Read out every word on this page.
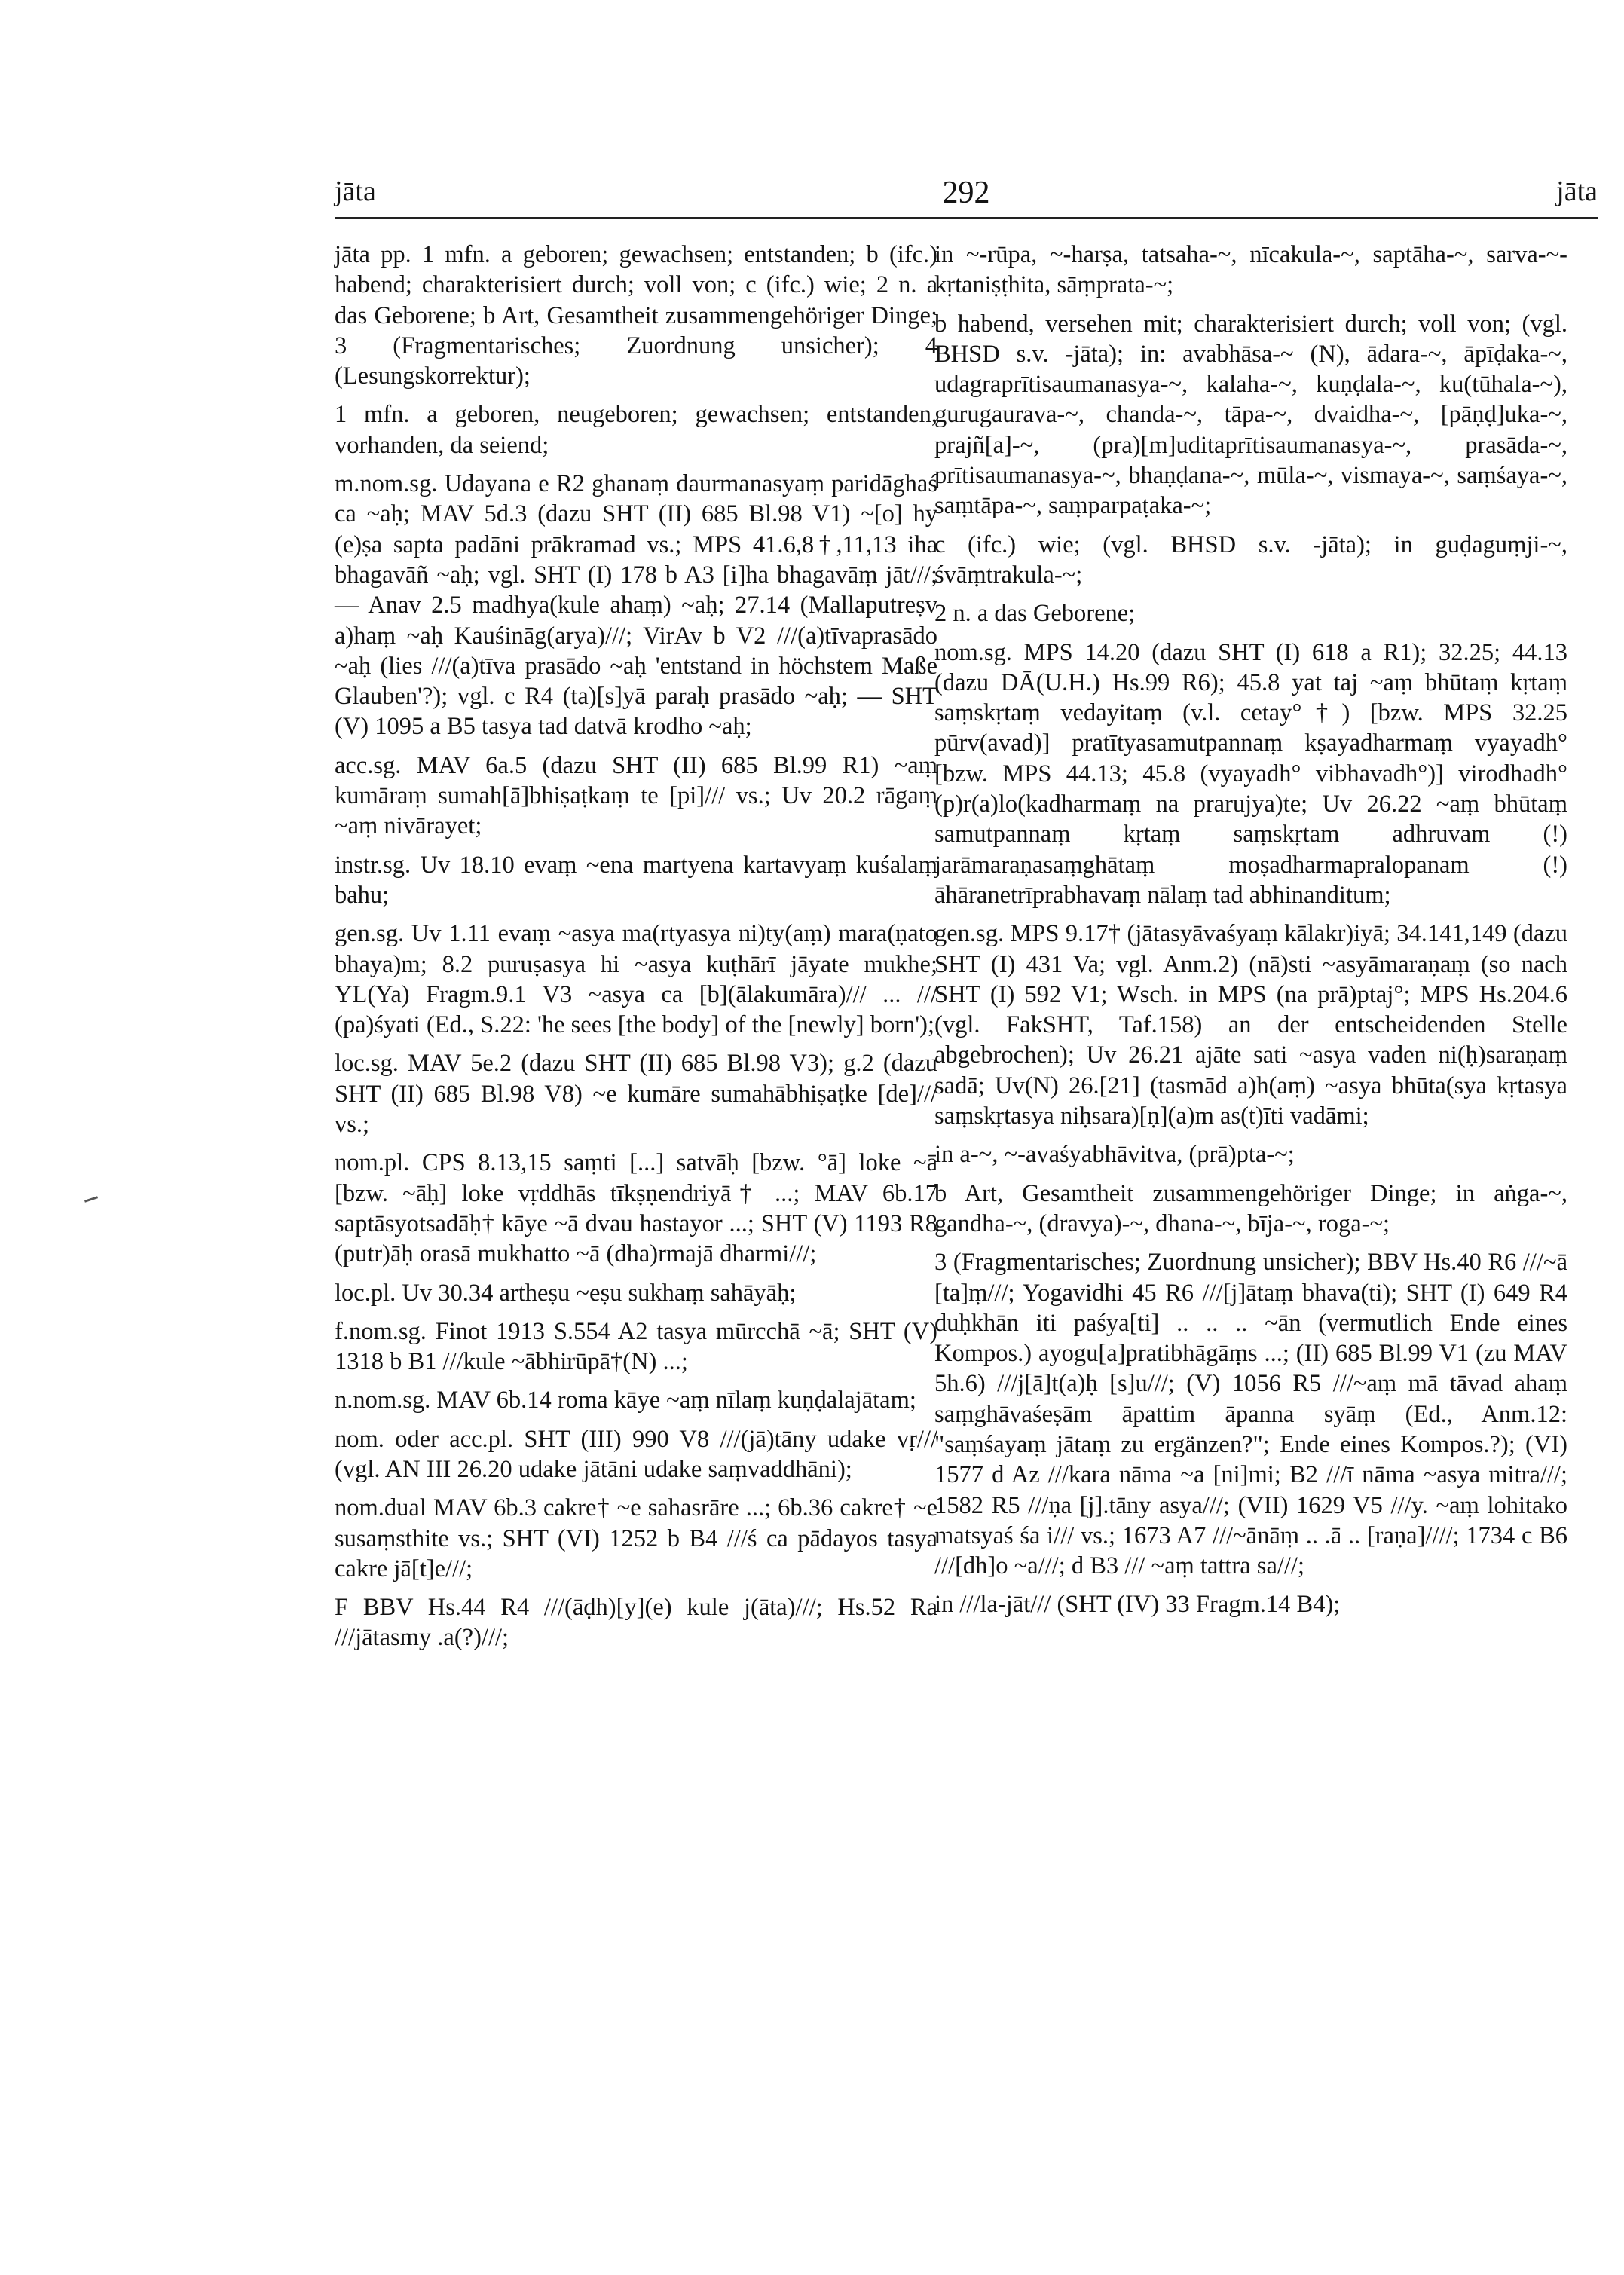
jāta	292	jāta

jāta pp. 1 mfn. a geboren; gewachsen; entstanden; b (ifc.) habend; charakterisiert durch; voll von; c (ifc.) wie; 2 n. a das Geborene; b Art, Gesamtheit zusammengehöriger Dinge; 3 (Fragmentarisches; Zuordnung unsicher); 4 (Lesungskorrektur);

1 mfn. a geboren, neugeboren; gewachsen; entstanden, vorhanden, da seiend;

m.nom.sg. Udayana e R2 ghanaṃ daurmanasyaṃ paridāghaś ca ~aḥ; MAV 5d.3 (dazu SHT (II) 685 Bl.98 V1) ~[o] hy (e)ṣa sapta padāni prākramad vs.; MPS 41.6,8†,11,13 iha bhagavāñ ~aḥ; vgl. SHT (I) 178 b A3 [i]ha bhagavāṃ jāt///; — Anav 2.5 madhya(kule ahaṃ) ~aḥ; 27.14 (Mallaputreṣv a)haṃ ~aḥ Kauśināg(arya)///; VirAv b V2 ///(a)tīvaprasādo ~aḥ (lies ///(a)tīva prasādo ~aḥ 'entstand in höchstem Maße Glauben'?); vgl. c R4 (ta)[s]yā paraḥ prasādo ~aḥ; — SHT (V) 1095 a B5 tasya tad datvā krodho ~aḥ;

acc.sg. MAV 6a.5 (dazu SHT (II) 685 Bl.99 R1) ~aṃ kumāraṃ sumah[ā]bhiṣaṭkaṃ te [pi]/// vs.; Uv 20.2 rāgaṃ ~aṃ nivārayet;

instr.sg. Uv 18.10 evaṃ ~ena martyena kartavyaṃ kuśalaṃ bahu;

gen.sg. Uv 1.11 evaṃ ~asya ma(rtyasya ni)ty(aṃ) mara(ṇato bhaya)m; 8.2 puruṣasya hi ~asya kuṭhārī jāyate mukhe; YL(Ya) Fragm.9.1 V3 ~asya ca [b](ālakumāra)/// ... /// (pa)śyati (Ed., S.22: 'he sees [the body] of the [newly] born');

loc.sg. MAV 5e.2 (dazu SHT (II) 685 Bl.98 V3); g.2 (dazu SHT (II) 685 Bl.98 V8) ~e kumāre sumahābhiṣaṭke [de]/// vs.;

nom.pl. CPS 8.13,15 saṃti [...] satvāḥ [bzw. °ā] loke ~ā [bzw. ~āḥ] loke vṛddhās tīkṣṇendriyā† ...; MAV 6b.17 saptāsyotsadāḥ† kāye ~ā dvau hastayor ...; SHT (V) 1193 R8 (putr)āḥ orasā mukhatto ~ā (dha)rmajā dharmi///;

loc.pl. Uv 30.34 artheṣu ~eṣu sukhaṃ sahāyāḥ;

f.nom.sg. Finot 1913 S.554 A2 tasya mūrcchā ~ā; SHT (V) 1318 b B1 ///kule ~ābhirūpā†(N) ...;

n.nom.sg. MAV 6b.14 roma kāye ~aṃ nīlaṃ kuṇḍalajātam;

nom. oder acc.pl. SHT (III) 990 V8 ///(jā)tāny udake vṛ/// (vgl. AN III 26.20 udake jātāni udake saṃvaddhāni);

nom.dual MAV 6b.3 cakre† ~e sahasrāre ...; 6b.36 cakre† ~e susaṃsthite vs.; SHT (VI) 1252 b B4 ///ś ca pādayos tasya cakre jā[t]e///;

F BBV Hs.44 R4 ///(āḍh)[y](e) kule j(āta)///; Hs.52 Ra ///jātasmy .a(?)///;

in ~-rūpa, ~-harṣa, tatsaha-~, nīcakula-~, saptāha-~, sarva-~-kṛtaniṣṭhita, sāṃprata-~;

b habend, versehen mit; charakterisiert durch; voll von; (vgl. BHSD s.v. -jāta); in: avabhāsa-~ (N), ādara-~, āpīḍaka-~, udagraprītisaumanasya-~, kalaha-~, kuṇḍala-~, ku(tūhala-~), gurugaurava-~, chanda-~, tāpa-~, dvaidha-~, [pāṇḍ]uka-~, prajñ[a]-~, (pra)[m]uditaprītisaumanasya-~, prasāda-~, prītisaumanasya-~, bhaṇḍana-~, mūla-~, vismaya-~, saṃśaya-~, saṃtāpa-~, saṃparpaṭaka-~;

c (ifc.) wie; (vgl. BHSD s.v. -jāta); in guḍaguṃji-~, śvāṃtrakula-~;

2 n. a das Geborene;

nom.sg. MPS 14.20 (dazu SHT (I) 618 a R1); 32.25; 44.13 (dazu DĀ(U.H.) Hs.99 R6); 45.8 yat taj ~aṃ bhūtaṃ kṛtaṃ saṃskṛtaṃ vedayitaṃ (v.l. cetay°†) [bzw. MPS 32.25 pūrv(avad)] pratītyasamutpannaṃ kṣayadharmaṃ vyayadh° [bzw. MPS 44.13; 45.8 (vyayadh° vibhavadh°)] virodhadh° (p)r(a)lo(kadharmaṃ na prarujya)te; Uv 26.22 ~aṃ bhūtaṃ samutpannaṃ kṛtaṃ saṃskṛtam adhruvam (!) jarāmaraṇasaṃghātaṃ moṣadharmapralopanam (!) āhāranetrīprabhavaṃ nālaṃ tad abhinanditum;

gen.sg. MPS 9.17† (jātasyāvaśyaṃ kālakr)iyā; 34.141,149 (dazu SHT (I) 431 Va; vgl. Anm.2) (nā)sti ~asyāmaraṇaṃ (so nach SHT (I) 592 V1; Wsch. in MPS (na prā)ptaj°; MPS Hs.204.6 (vgl. FakSHT, Taf.158) an der entscheidenden Stelle abgebrochen); Uv 26.21 ajāte sati ~asya vaden ni(ḥ)saraṇaṃ sadā; Uv(N) 26.[21] (tasmād a)h(aṃ) ~asya bhūta(sya kṛtasya saṃskṛtasya niḥsara)[ṇ](a)m as(t)īti vadāmi;

in a-~, ~-avaśyabhāvitva, (prā)pta-~;

b Art, Gesamtheit zusammengehöriger Dinge; in aṅga-~, gandha-~, (dravya)-~, dhana-~, bīja-~, roga-~;

3 (Fragmentarisches; Zuordnung unsicher); BBV Hs.40 R6 ///~ā [ta]ṃ///; Yogavidhi 45 R6 ///[j]ātaṃ bhava(ti); SHT (I) 649 R4 duḥkhān iti paśya[ti] .. .. .. ~ān (vermutlich Ende eines Kompos.) ayogu[a]pratibhāgāṃs ...; (II) 685 Bl.99 V1 (zu MAV 5h.6) ///j[ā]t(a)ḥ [s]u///; (V) 1056 R5 ///~aṃ mā tāvad ahaṃ saṃghāvaśeṣām āpattim āpanna syāṃ (Ed., Anm.12: "saṃśayaṃ jātaṃ zu ergänzen?"; Ende eines Kompos.?); (VI) 1577 d Az ///kara nāma ~a [ni]mi; B2 ///ī nāma ~asya mitra///; 1582 R5 ///ṇa [j].tāny asya///; (VII) 1629 V5 ///y. ~aṃ lohitako matsyaś śa i/// vs.; 1673 A7 ///~ānāṃ .. .ā .. [raṇa]////; 1734 c B6 ///[dh]o ~a///; d B3 /// ~aṃ tattra sa///;

in ///la-jāt/// (SHT (IV) 33 Fragm.14 B4);
